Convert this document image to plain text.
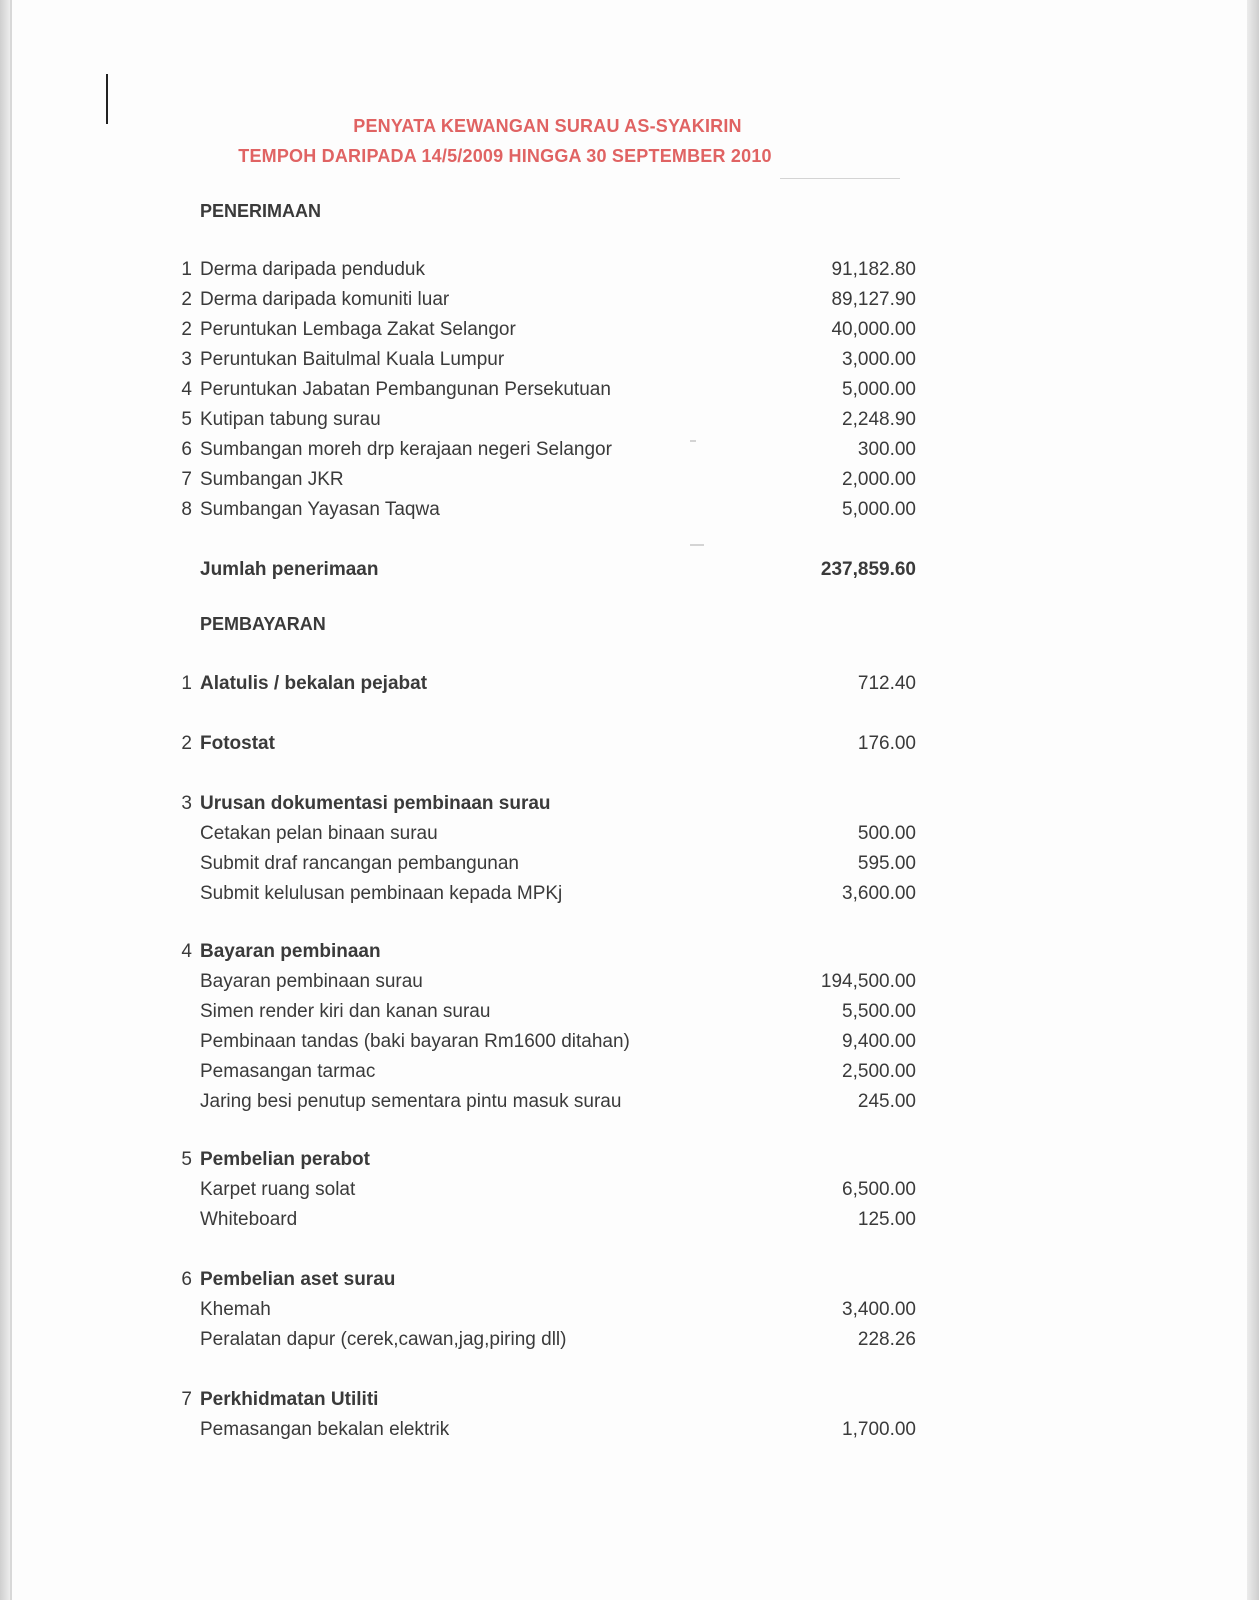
PENYATA KEWANGAN SURAU AS-SYAKIRIN
TEMPOH DARIPADA 14/5/2009 HINGGA 30 SEPTEMBER 2010
PENERIMAAN
1 Derma daripada penduduk	91,182.80
2 Derma daripada komuniti luar	89,127.90
2 Peruntukan Lembaga Zakat Selangor	40,000.00
3 Peruntukan Baitulmal Kuala Lumpur	3,000.00
4 Peruntukan Jabatan Pembangunan Persekutuan	5,000.00
5 Kutipan tabung surau	2,248.90
6 Sumbangan moreh drp kerajaan negeri Selangor	300.00
7 Sumbangan JKR	2,000.00
8 Sumbangan Yayasan Taqwa	5,000.00
Jumlah penerimaan	237,859.60
PEMBAYARAN
1 Alatulis / bekalan pejabat	712.40
2 Fotostat	176.00
3 Urusan dokumentasi pembinaan surau
Cetakan pelan binaan surau	500.00
Submit draf rancangan pembangunan	595.00
Submit kelulusan pembinaan kepada MPKj	3,600.00
4 Bayaran pembinaan
Bayaran pembinaan surau	194,500.00
Simen render kiri dan kanan surau	5,500.00
Pembinaan tandas (baki bayaran Rm1600 ditahan)	9,400.00
Pemasangan tarmac	2,500.00
Jaring besi penutup sementara pintu masuk surau	245.00
5 Pembelian perabot
Karpet ruang solat	6,500.00
Whiteboard	125.00
6 Pembelian aset surau
Khemah	3,400.00
Peralatan dapur (cerek,cawan,jag,piring dll)	228.26
7 Perkhidmatan Utiliti
Pemasangan bekalan elektrik	1,700.00
